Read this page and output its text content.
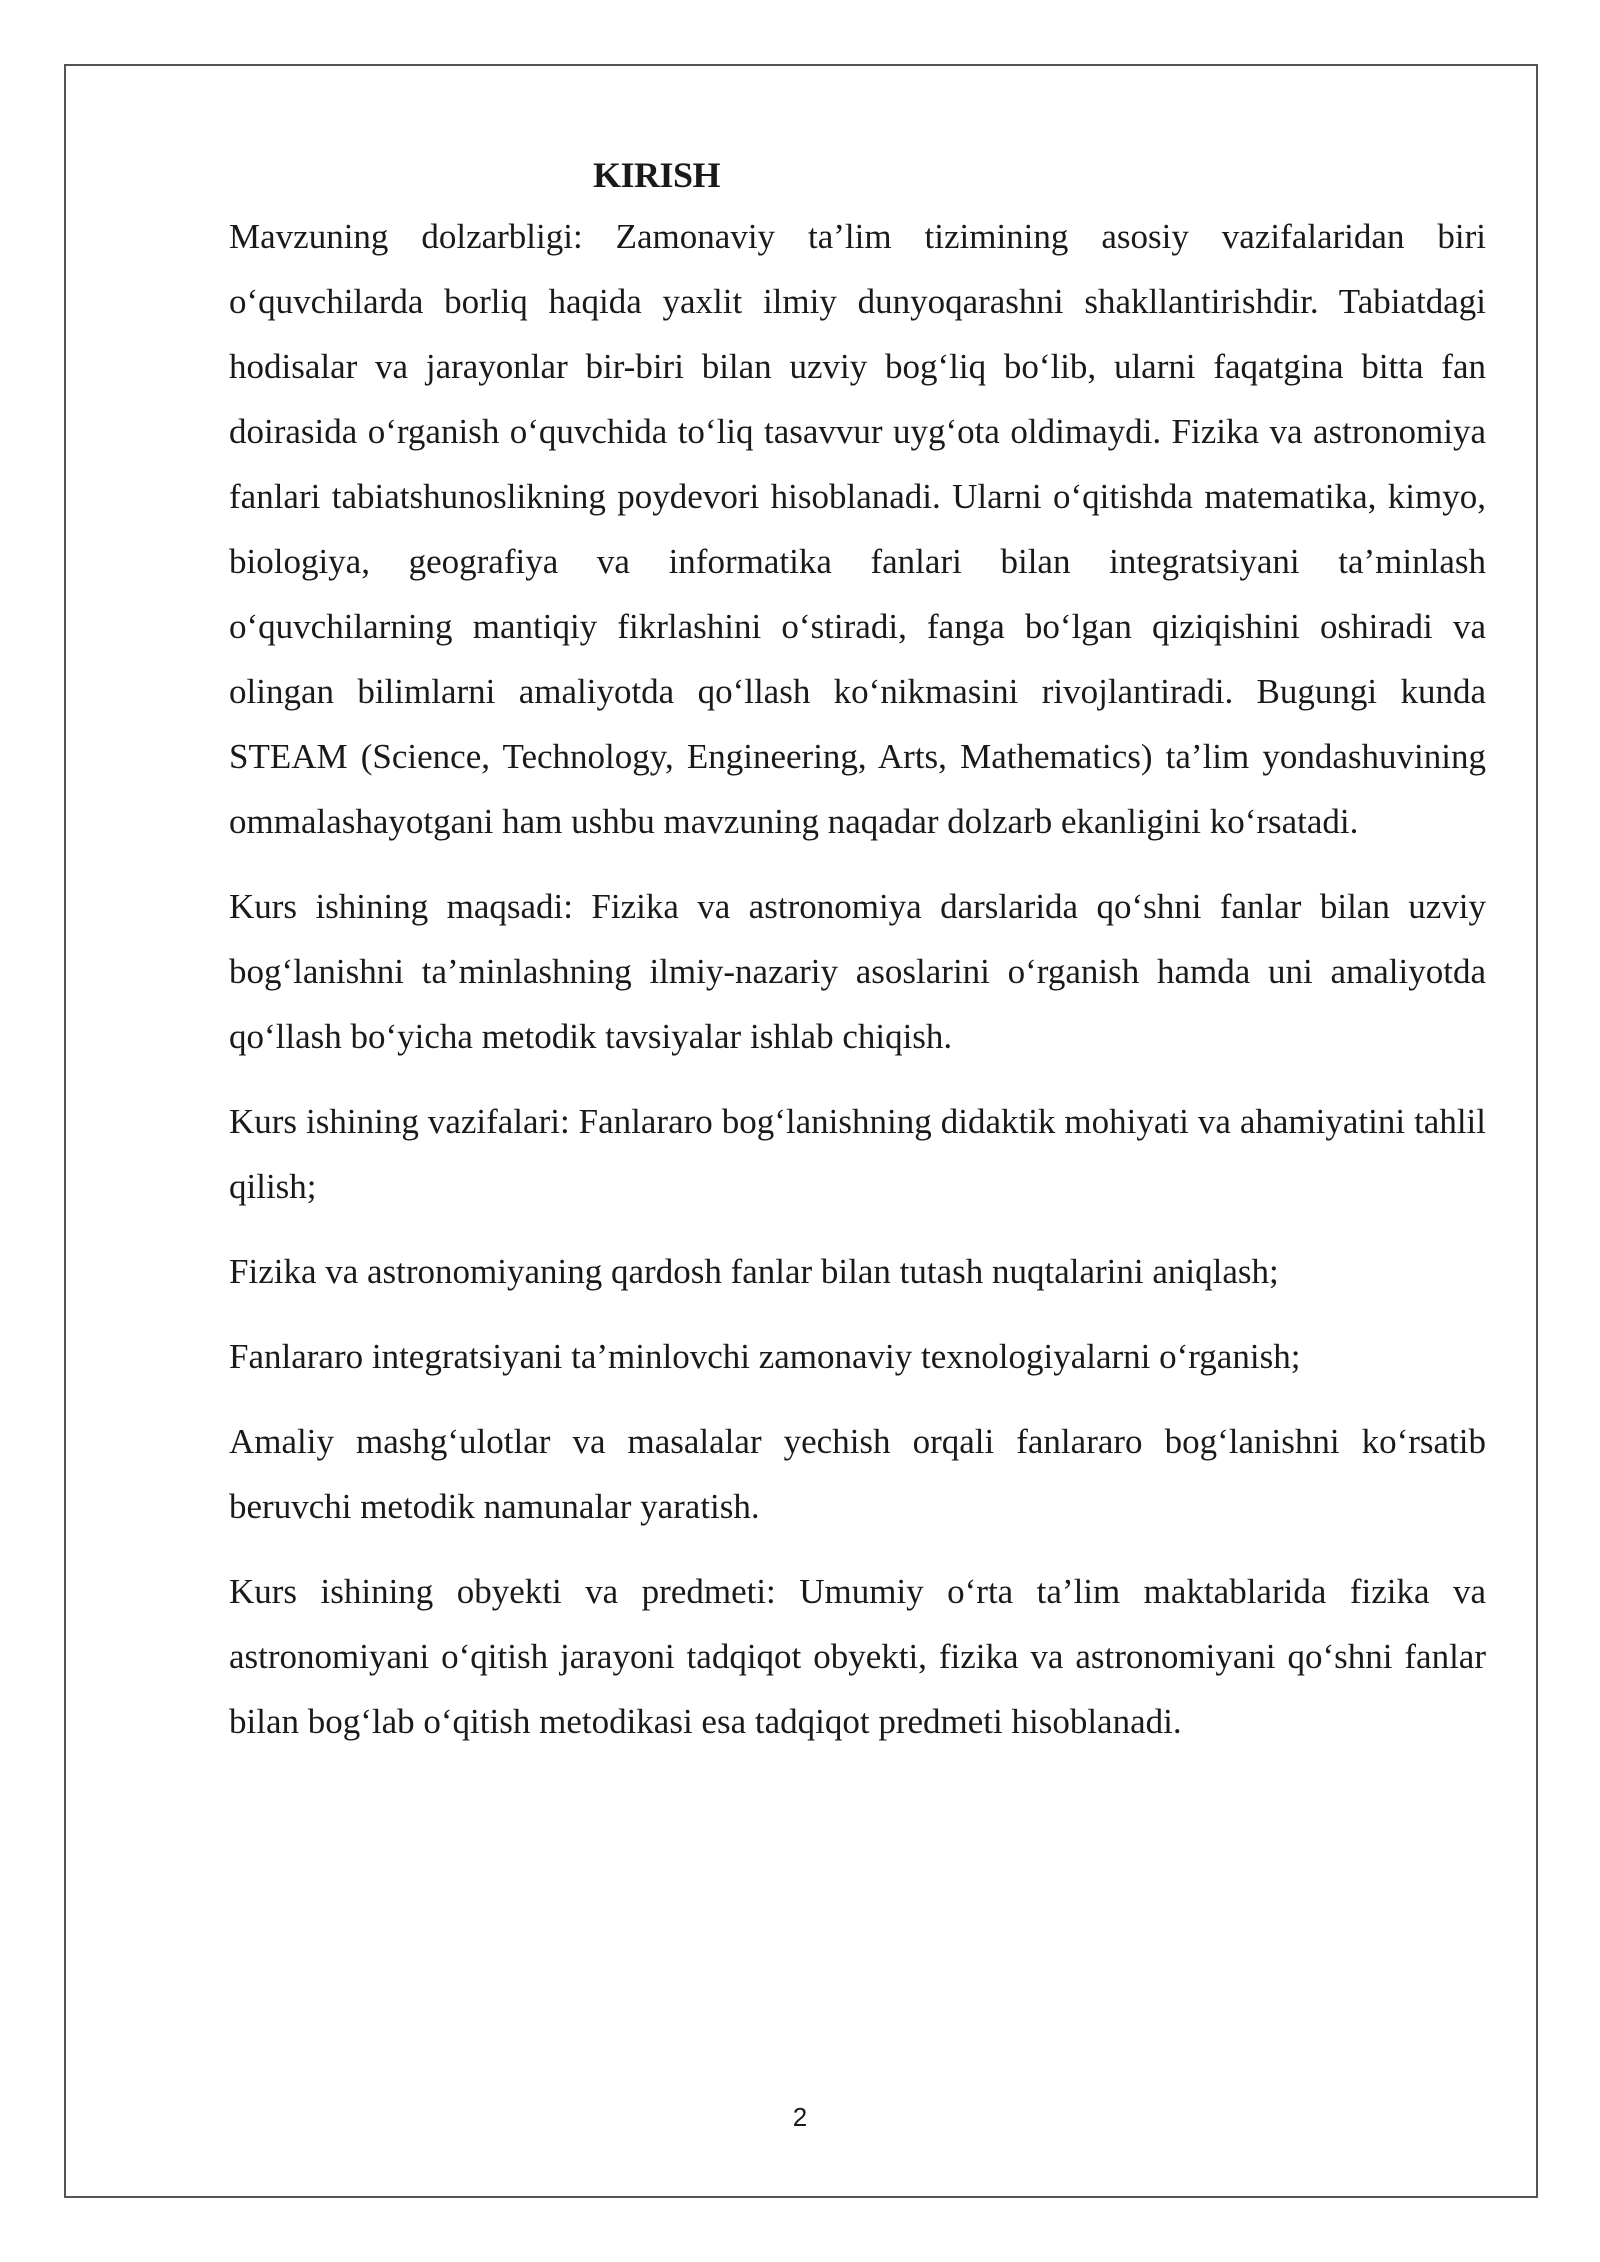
KIRISH

Mavzuning dolzarbligi: Zamonaviy ta’lim tizimining asosiy vazifalaridan biri o‘quvchilarda borliq haqida yaxlit ilmiy dunyoqarashni shakllantirishdir. Tabiatdagi hodisalar va jarayonlar bir-biri bilan uzviy bog‘liq bo‘lib, ularni faqatgina bitta fan doirasida o‘rganish o‘quvchida to‘liq tasavvur uyg‘ota oldimaydi. Fizika va astronomiya fanlari tabiatshunoslikning poydevori hisoblanadi. Ularni o‘qitishda matematika, kimyo, biologiya, geografiya va informatika fanlari bilan integratsiyani ta’minlash o‘quvchilarning mantiqiy fikrlashini o‘stiradi, fanga bo‘lgan qiziqishini oshiradi va olingan bilimlarni amaliyotda qo‘llash ko‘nikmasini rivojlantiradi. Bugungi kunda STEAM (Science, Technology, Engineering, Arts, Mathematics) ta’lim yondashuvining ommalashayotgani ham ushbu mavzuning naqadar dolzarb ekanligini ko‘rsatadi.

Kurs ishining maqsadi: Fizika va astronomiya darslarida qo‘shni fanlar bilan uzviy bog‘lanishni ta’minlashning ilmiy-nazariy asoslarini o‘rganish hamda uni amaliyotda qo‘llash bo‘yicha metodik tavsiyalar ishlab chiqish.

Kurs ishining vazifalari: Fanlararo bog‘lanishning didaktik mohiyati va ahamiyatini tahlil qilish;

Fizika va astronomiyaning qardosh fanlar bilan tutash nuqtalarini aniqlash;

Fanlararo integratsiyani ta’minlovchi zamonaviy texnologiyalarni o‘rganish;

Amaliy mashg‘ulotlar va masalalar yechish orqali fanlararo bog‘lanishni ko‘rsatib beruvchi metodik namunalar yaratish.

Kurs ishining obyekti va predmeti: Umumiy o‘rta ta’lim maktablarida fizika va astronomiyani o‘qitish jarayoni tadqiqot obyekti, fizika va astronomiyani qo‘shni fanlar bilan bog‘lab o‘qitish metodikasi esa tadqiqot predmeti hisoblanadi.

2
